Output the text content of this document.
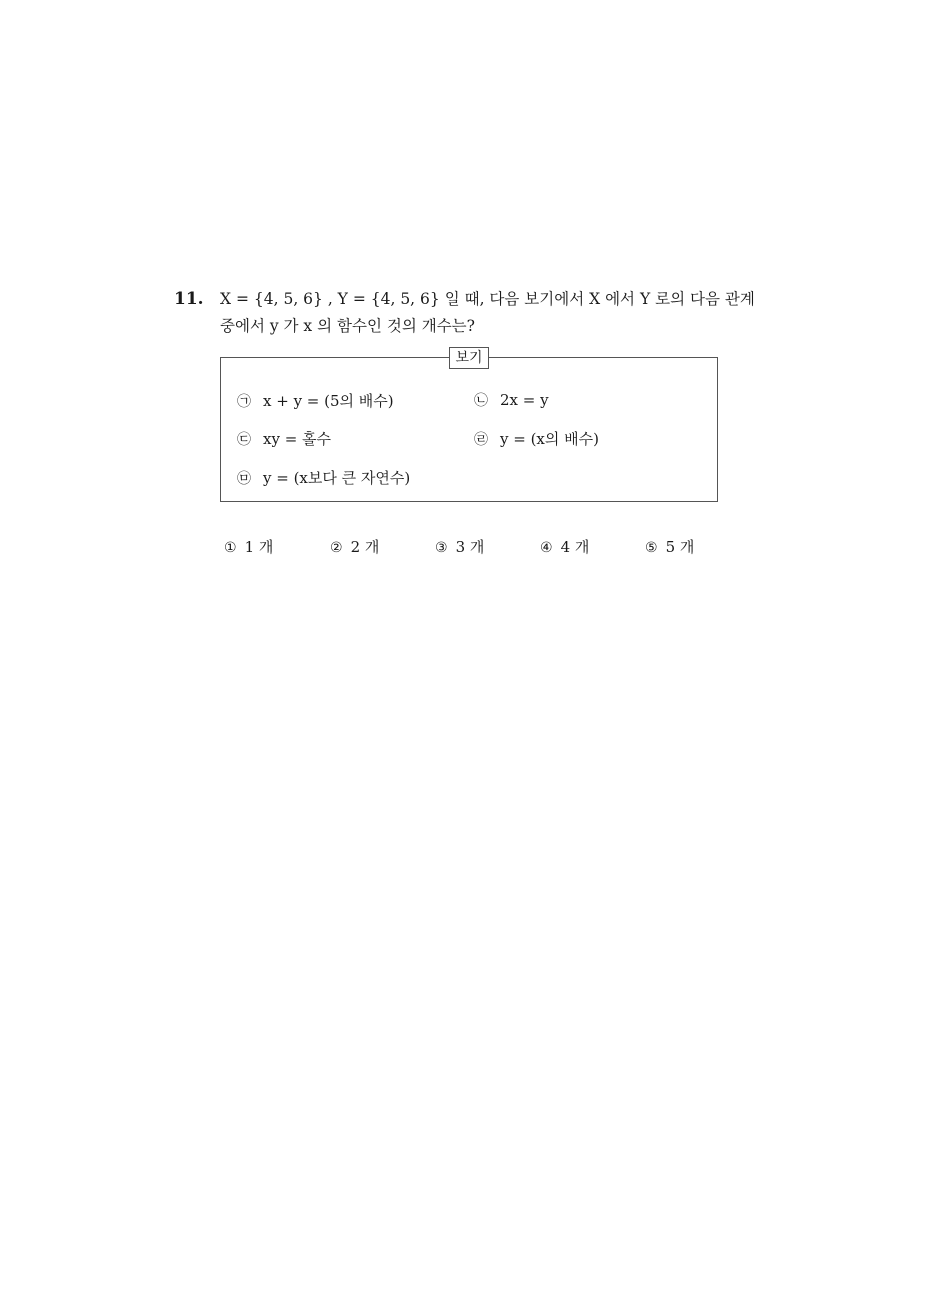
11. X = {4, 5, 6} , Y = {4, 5, 6} 일 때, 다음 보기에서 X 에서 Y 로의 다음 관계
중에서 y 가 x 의 함수인 것의 개수는?
보기
㉠ x + y = (5의 배수)	㉡ 2x = y
㉢ xy = 홀수	㉣ y = (x의 배수)
㉤ y = (x보다 큰 자연수)
① 1 개	② 2 개	③ 3 개	④ 4 개	⑤ 5 개
